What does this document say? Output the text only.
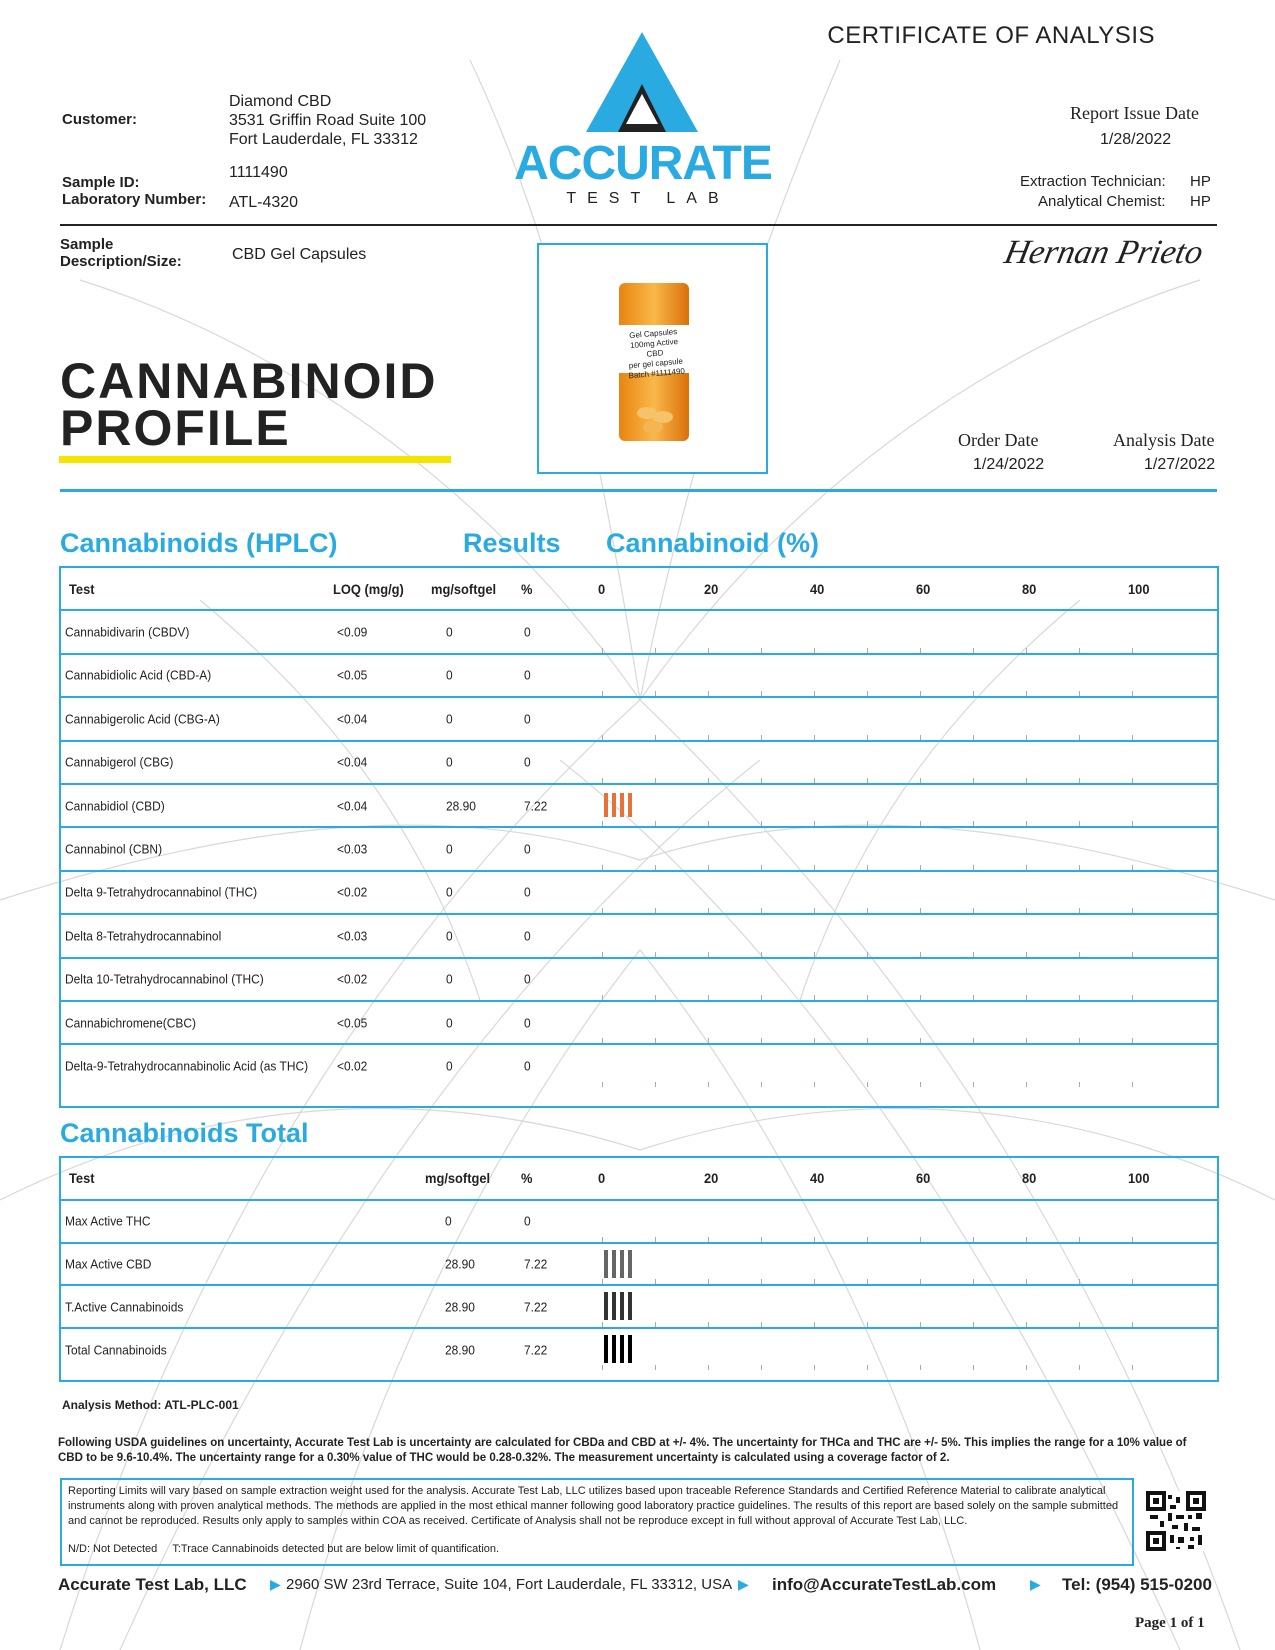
CERTIFICATE OF ANALYSIS
Customer:
Diamond CBD
3531 Griffin Road Suite 100
Fort Lauderdale, FL 33312
Sample ID:
1111490
Laboratory Number: ATL-4320
ACCURATE
TEST LAB
Report Issue Date
1/28/2022
Extraction Technician: HP
Analytical Chemist: HP
Sample
Description/Size:	CBD Gel Capsules
Gel Capsules
100mg Active CBD
per gel capsule
Batch #1111490
Hernan Prieto
CANNABINOID
PROFILE	Order Date
1/24/2022
Analysis Date
1/27/2022
Cannabinoids (HPLC)	Results Cannabinoid (%)
Test	LOQ (mg/g) mg/softgel %	0	20	40	60	80	100
Cannabidivarin (CBDV)	<0.09	0	0
Cannabidiolic Acid (CBD-A)	<0.05	0	0
Cannabigerolic Acid (CBG-A)	<0.04	0	0
Cannabigerol (CBG)	<0.04	0	0
Cannabidiol (CBD)	<0.04	28.90	7.22
Cannabinol (CBN)	<0.03	0	0
Delta 9-Tetrahydrocannabinol (THC)	<0.02	0	0
Delta 8-Tetrahydrocannabinol	<0.03	0	0
Delta 10-Tetrahydrocannabinol (THC)	<0.02	0	0
Cannabichromene(CBC)	<0.05	0	0
Delta-9-Tetrahydrocannabinolic Acid (as THC) <0.02	0	0
Cannabinoids Total
Test	mg/softgel %	0	20	40	60	80	100
Max Active THC	0	0
Max Active CBD	28.90	7.22
T.Active Cannabinoids	28.90	7.22
Total Cannabinoids	28.90	7.22
Analysis Method: ATL-PLC-001
Following USDA guidelines on uncertainty, Accurate Test Lab is uncertainty are calculated for CBDa and CBD at +/- 4%. The uncertainty for THCa and THC are +/- 5%. This implies the range for a 10% value of CBD to be 9.6-10.4%. The uncertainty range for a 0.30% value of THC would be 0.28-0.32%. The measurement uncertainty is calculated using a coverage factor of 2.
Reporting Limits will vary based on sample extraction weight used for the analysis. Accurate Test Lab, LLC utilizes based upon traceable Reference Standards and Certified Reference Material to calibrate analytical instruments along with proven analytical methods. The methods are applied in the most ethical manner following good laboratory practice guidelines. The results of this report are based solely on the sample submitted and cannot be reproduced. Results only apply to samples within COA as received. Certificate of Analysis shall not be reproduce except in full without approval of Accurate Test Lab, LLC.
N/D: Not Detected     T:Trace Cannabinoids detected but are below limit of quantification.
Accurate Test Lab, LLC ▶ 2960 SW 23rd Terrace, Suite 104, Fort Lauderdale, FL 33312, USA ▶ info@AccurateTestLab.com ▶ Tel: (954) 515-0200
Page 1 of 1
